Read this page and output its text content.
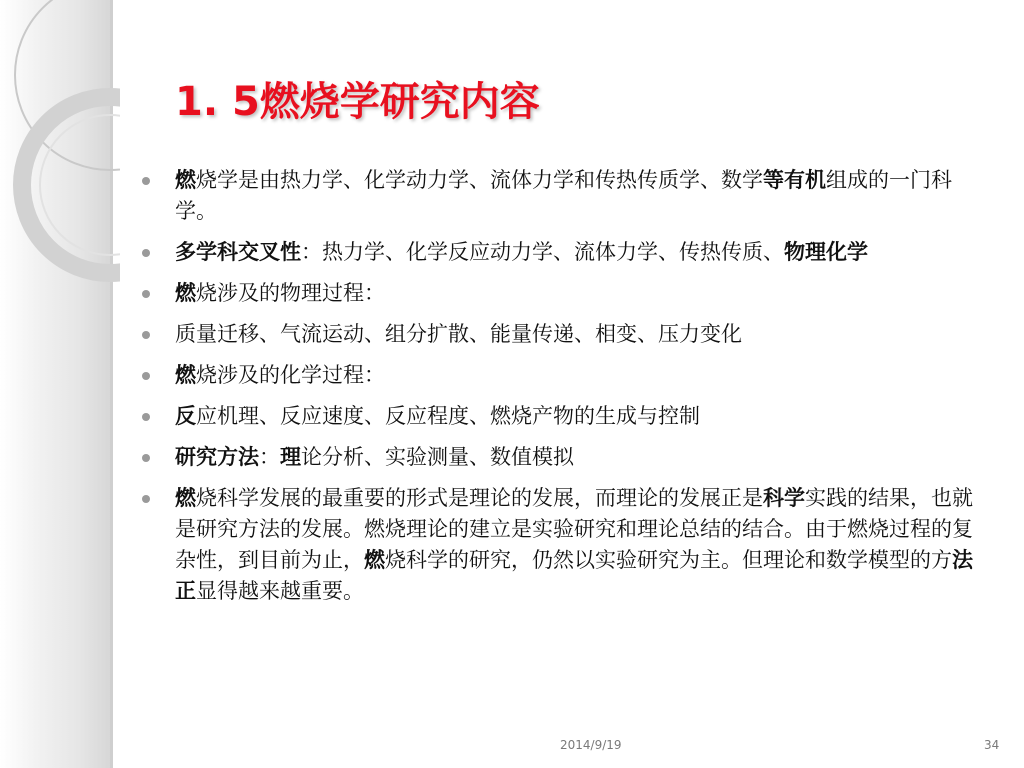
1. 5燃烧学研究内容
燃烧学是由热力学、化学动力学、流体力学和传热传质学、数学等有机组成的一门科学。
多学科交叉性：热力学、化学反应动力学、流体力学、传热传质、物理化学
燃烧涉及的物理过程：
质量迁移、气流运动、组分扩散、能量传递、相变、压力变化
燃烧涉及的化学过程：
反应机理、反应速度、反应程度、燃烧产物的生成与控制
研究方法：理论分析、实验测量、数值模拟
燃烧科学发展的最重要的形式是理论的发展，而理论的发展正是科学实践的结果，也就是研究方法的发展。燃烧理论的建立是实验研究和理论总结的结合。由于燃烧过程的复杂性，到目前为止，燃烧科学的研究，仍然以实验研究为主。但理论和数学模型的方法正显得越来越重要。
2014/9/19	34
